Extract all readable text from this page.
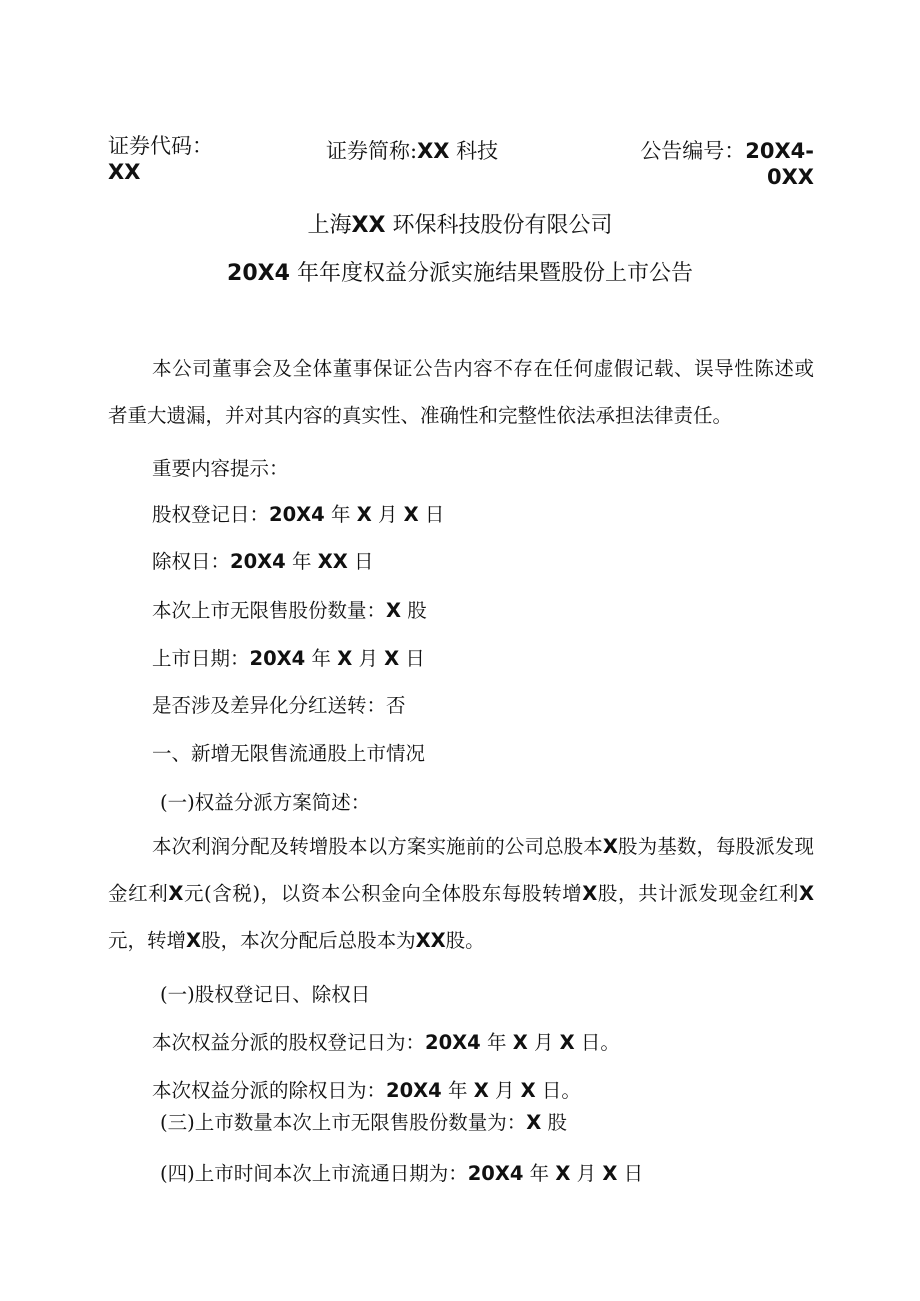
证券代码：
XX
证券简称:XX 科技	公告编号：20X4-
0XX
上海XX 环保科技股份有限公司
20X4 年年度权益分派实施结果暨股份上市公告
本公司董事会及全体董事保证公告内容不存在任何虚假记载、误导性陈述或者重大遗漏，并对其内容的真实性、准确性和完整性依法承担法律责任。
重要内容提示：
股权登记日：20X4 年 X 月 X 日
除权日：20X4 年 XX 日
本次上市无限售股份数量：X 股
上市日期：20X4 年 X 月 X 日
是否涉及差异化分红送转：否
一、新增无限售流通股上市情况
(一)权益分派方案简述：
本次利润分配及转增股本以方案实施前的公司总股本X股为基数，每股派发现金红利X元(含税)，以资本公积金向全体股东每股转增X股，共计派发现金红利X元，转增X股，本次分配后总股本为XX股。
(一)股权登记日、除权日
本次权益分派的股权登记日为：20X4 年 X 月 X 日。
本次权益分派的除权日为：20X4 年 X 月 X 日。
(三)上市数量本次上市无限售股份数量为：X 股
(四)上市时间本次上市流通日期为：20X4 年 X 月 X 日
